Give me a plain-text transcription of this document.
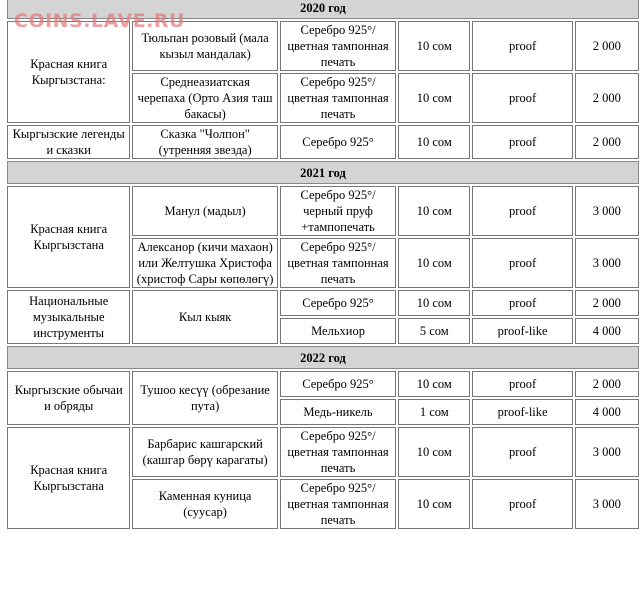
2020 год					
Красная книга Кыргызстана:	Тюльпан розовый (мала кызыл мандалак)	Серебро 925°/ цветная тампонная печать	10 сом	proof	2 000
	Среднеазиатская черепаха (Орто Азия таш бакасы)	Серебро 925°/ цветная тампонная печать	10 сом	proof	2 000
Кыргызские легенды и сказки	Сказка "Чолпон" (утренняя звезда)	Серебро 925°	10 сом	proof	2 000
2021 год					
Красная книга Кыргызстана	Манул (мадыл)	Серебро 925°/ черный пруф +тампопечать	10 сом	proof	3 000
	Алексанор (кичи махаон) или Желтушка Христофа (христоф Сары көпөлөгү)	Серебро 925°/ цветная тампонная печать	10 сом	proof	3 000
Национальные музыкальные инструменты	Кыл кыяк	Серебро 925°	10 сом	proof	2 000
		Мельхиор	5 сом	proof-like	4 000
2022 год					
Кыргызские обычаи и обряды	Тушоо кесүү (обрезание пута)	Серебро 925°	10 сом	proof	2 000
		Медь-никель	1 сом	proof-like	4 000
Красная книга Кыргызстана	Барбарис кашгарский (кашгар бөрү карагаты)	Серебро 925°/ цветная тампонная печать	10 сом	proof	3 000
	Каменная куница (суусар)	Серебро 925°/ цветная тампонная печать	10 сом	proof	3 000
COINS.LAVE.RU
